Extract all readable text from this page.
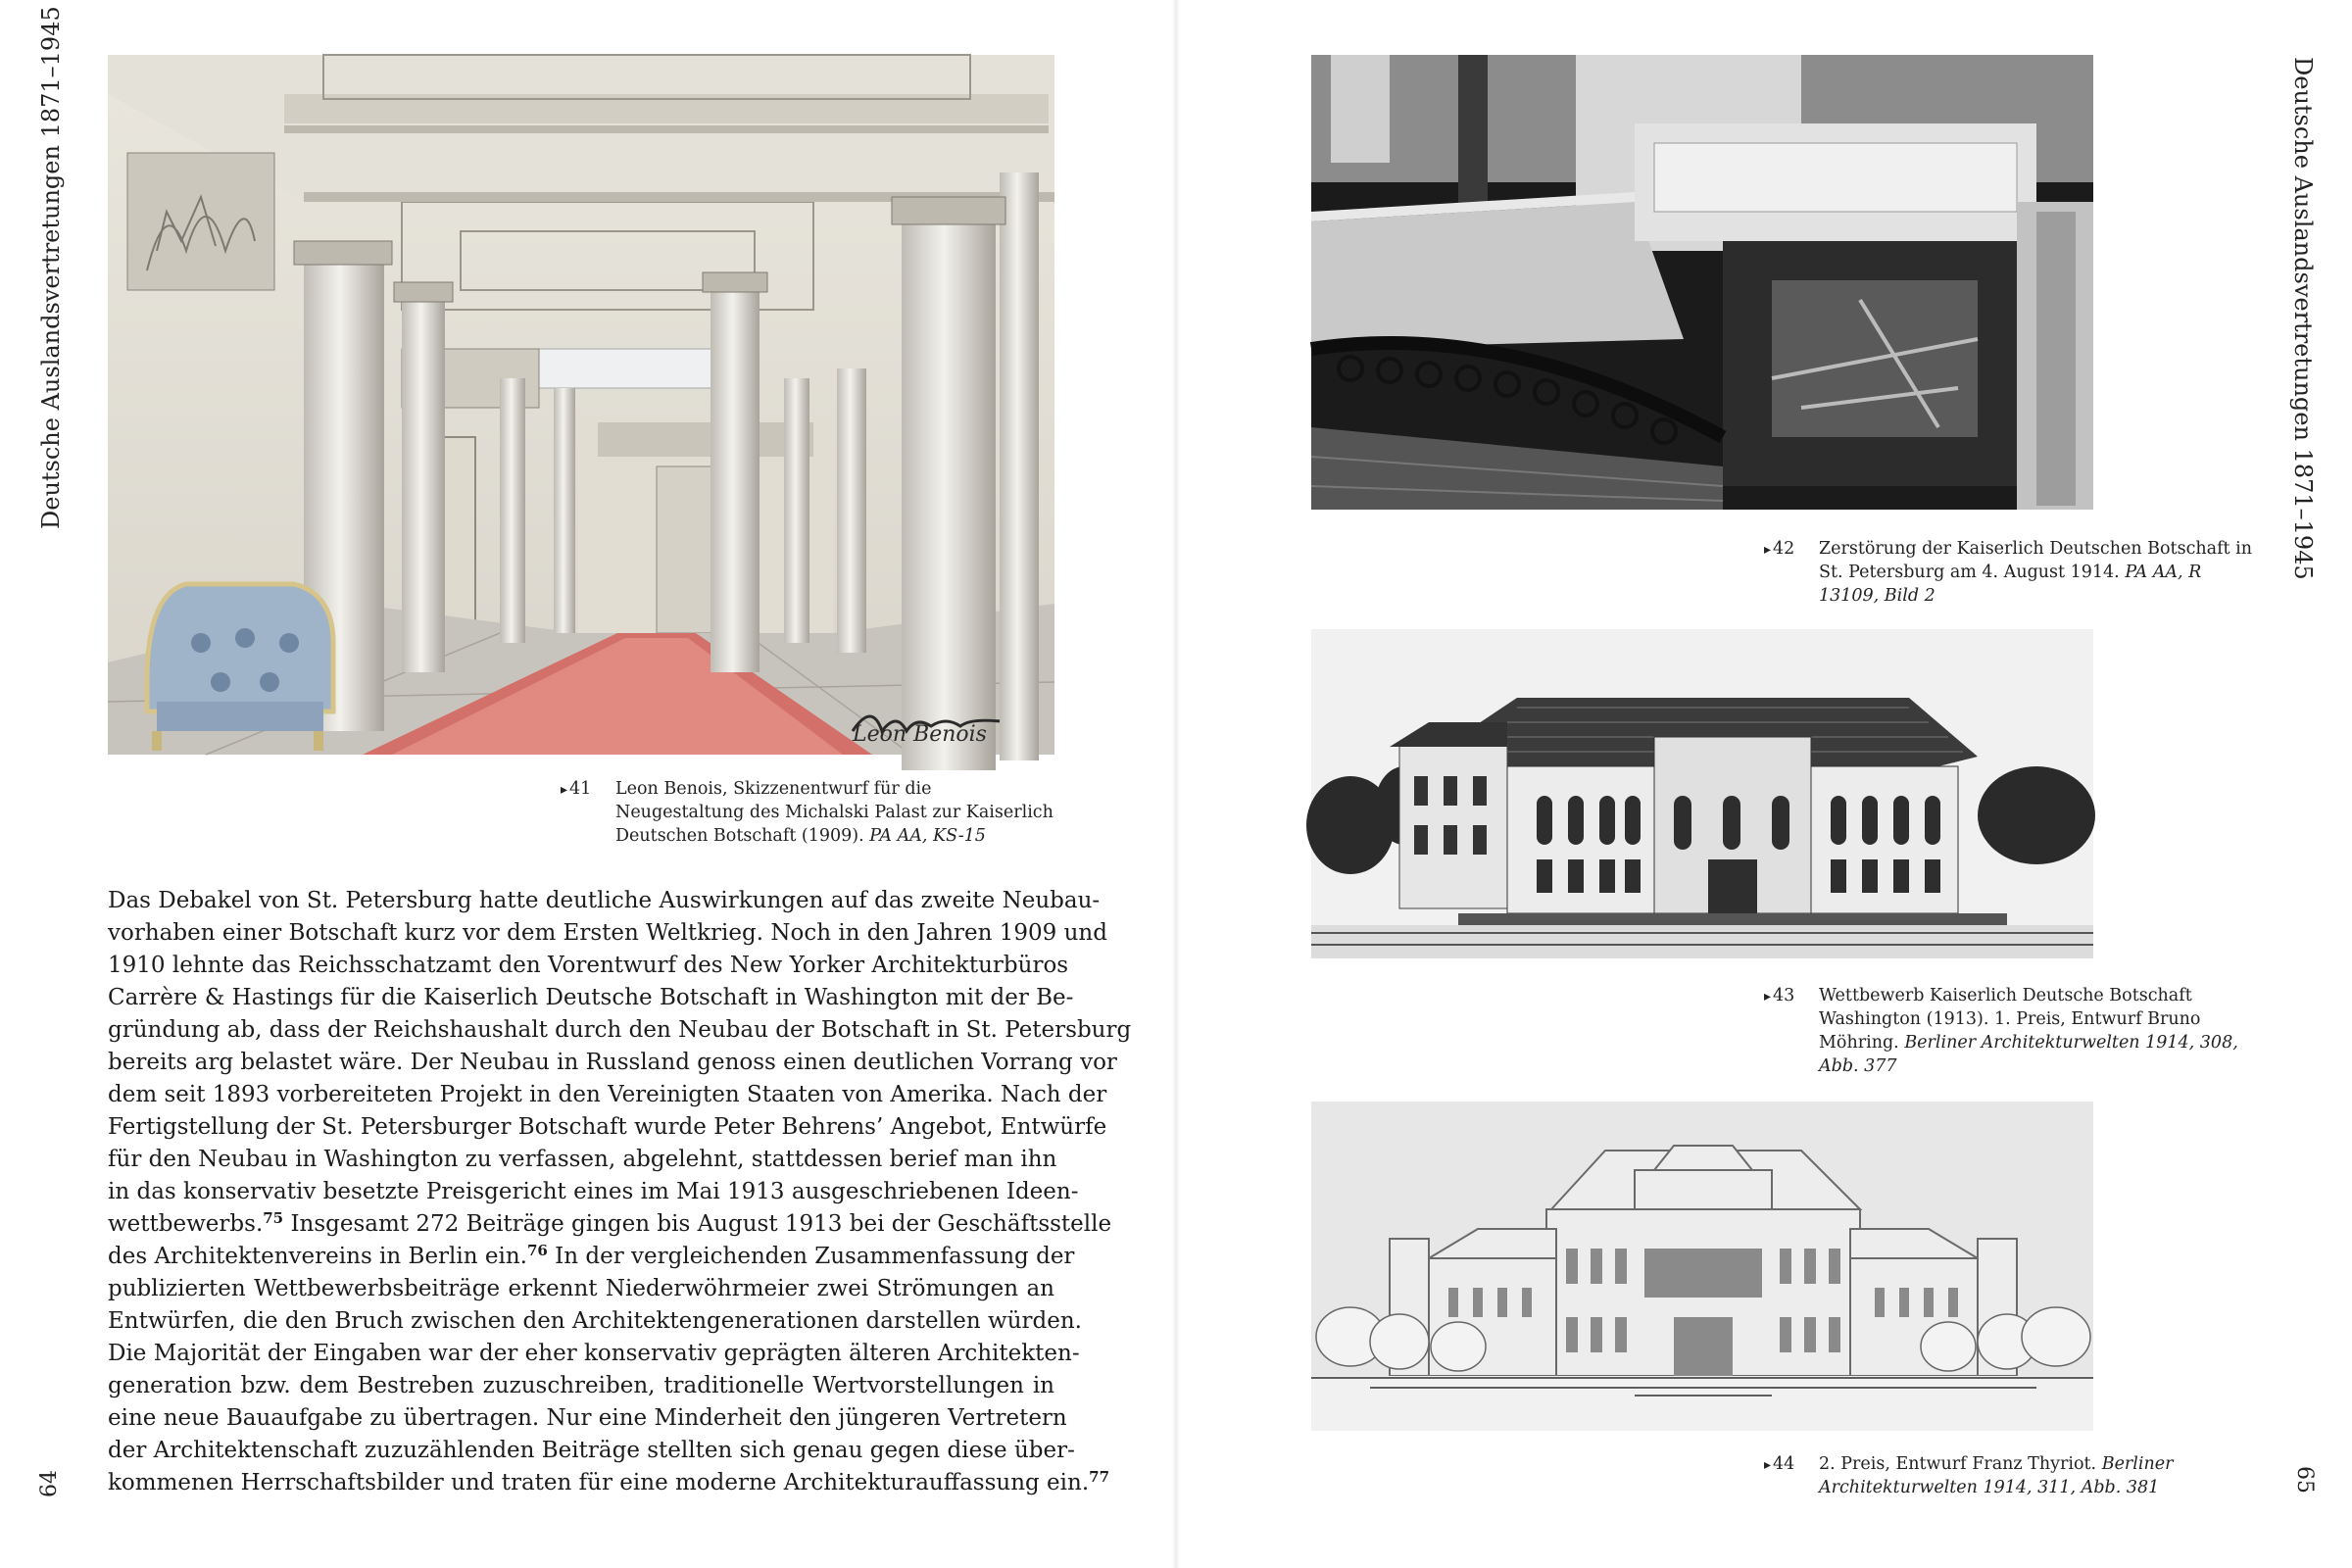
Deutsche Auslandsvertretungen 1871–1945	Deutsche Auslandsvertretungen 1871–1945
64	65
Leon Benois
▸ 41 Leon Benois, Skizzenentwurf für die Neugestaltung des Michalski Palast zur Kaiserlich Deutschen Botschaft (1909). PA AA, KS-15
Das Debakel von St. Petersburg hatte deutliche Auswirkungen auf das zweite Neubau-
vorhaben einer Botschaft kurz vor dem Ersten Weltkrieg. Noch in den Jahren 1909 und
1910 lehnte das Reichsschatzamt den Vorentwurf des New Yorker Architekturbüros
Carrère & Hastings für die Kaiserlich Deutsche Botschaft in Washington mit der Be-
gründung ab, dass der Reichshaushalt durch den Neubau der Botschaft in St. Petersburg
bereits arg belastet wäre. Der Neubau in Russland genoss einen deutlichen Vorrang vor
dem seit 1893 vorbereiteten Projekt in den Vereinigten Staaten von Amerika. Nach der
Fertigstellung der St. Petersburger Botschaft wurde Peter Behrens’ Angebot, Entwürfe
für den Neubau in Washington zu verfassen, abgelehnt, stattdessen berief man ihn
in das konservativ besetzte Preisgericht eines im Mai 1913 ausgeschriebenen Ideen-
wettbewerbs.$^{75}$ Insgesamt 272 Beiträge gingen bis August 1913 bei der Geschäftsstelle
des Architektenvereins in Berlin ein.$^{76}$ In der vergleichenden Zusammenfassung der
publizierten Wettbewerbsbeiträge erkennt Niederwöhrmeier zwei Strömungen an
Entwürfen, die den Bruch zwischen den Architektengenerationen darstellen würden.
Die Majorität der Eingaben war der eher konservativ geprägten älteren Architekten-
generation bzw. dem Bestreben zuzuschreiben, traditionelle Wertvorstellungen in
eine neue Bauaufgabe zu übertragen. Nur eine Minderheit den jüngeren Vertretern
der Architektenschaft zuzuzählenden Beiträge stellten sich genau gegen diese über-
kommenen Herrschaftsbilder und traten für eine moderne Architekturauffassung ein.$^{77}$
▸ 42 Zerstörung der Kaiserlich Deutschen Botschaft in St. Petersburg am 4. August 1914. PA AA, R 13109, Bild 2
▸ 43 Wettbewerb Kaiserlich Deutsche Botschaft Washington (1913). 1. Preis, Entwurf Bruno Möhring. Berliner Architekturwelten 1914, 308, Abb. 377
▸ 44 2. Preis, Entwurf Franz Thyriot. Berliner Architekturwelten 1914, 311, Abb. 381
